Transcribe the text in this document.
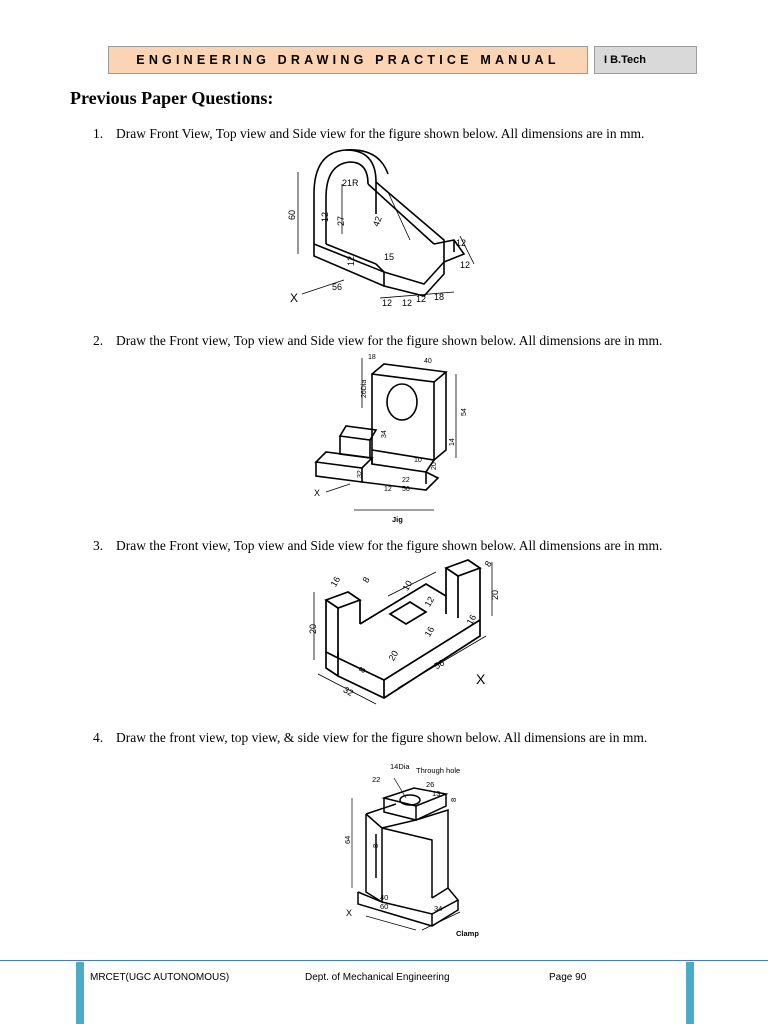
ENGINEERING DRAWING PRACTICE MANUAL	I B.Tech
Previous Paper Questions:
1. Draw Front View, Top view and Side view for the figure shown below. All dimensions are in mm.
60	12 27	42
21R
12	15
12
56
12
12
18
12
12
X
2. Draw the Front view, Top view and Side view for the figure shown below. All dimensions are in mm.
18
40
26Dia
54
34
14
10
20
32
22
56
12
Jig
X
3. Draw the Front view, Top view and Side view for the figure shown below. All dimensions are in mm.
16 8	10
12	20
16
16
20
20
8
32
56
8
X
4. Draw the front view, top view, & side view for the figure shown below. All dimensions are in mm.
14Dia Through hole
22
26
13
8
64
8
40
60	34
Clamp
X
MRCET(UGC AUTONOMOUS)	Dept. of Mechanical Engineering	Page 90
